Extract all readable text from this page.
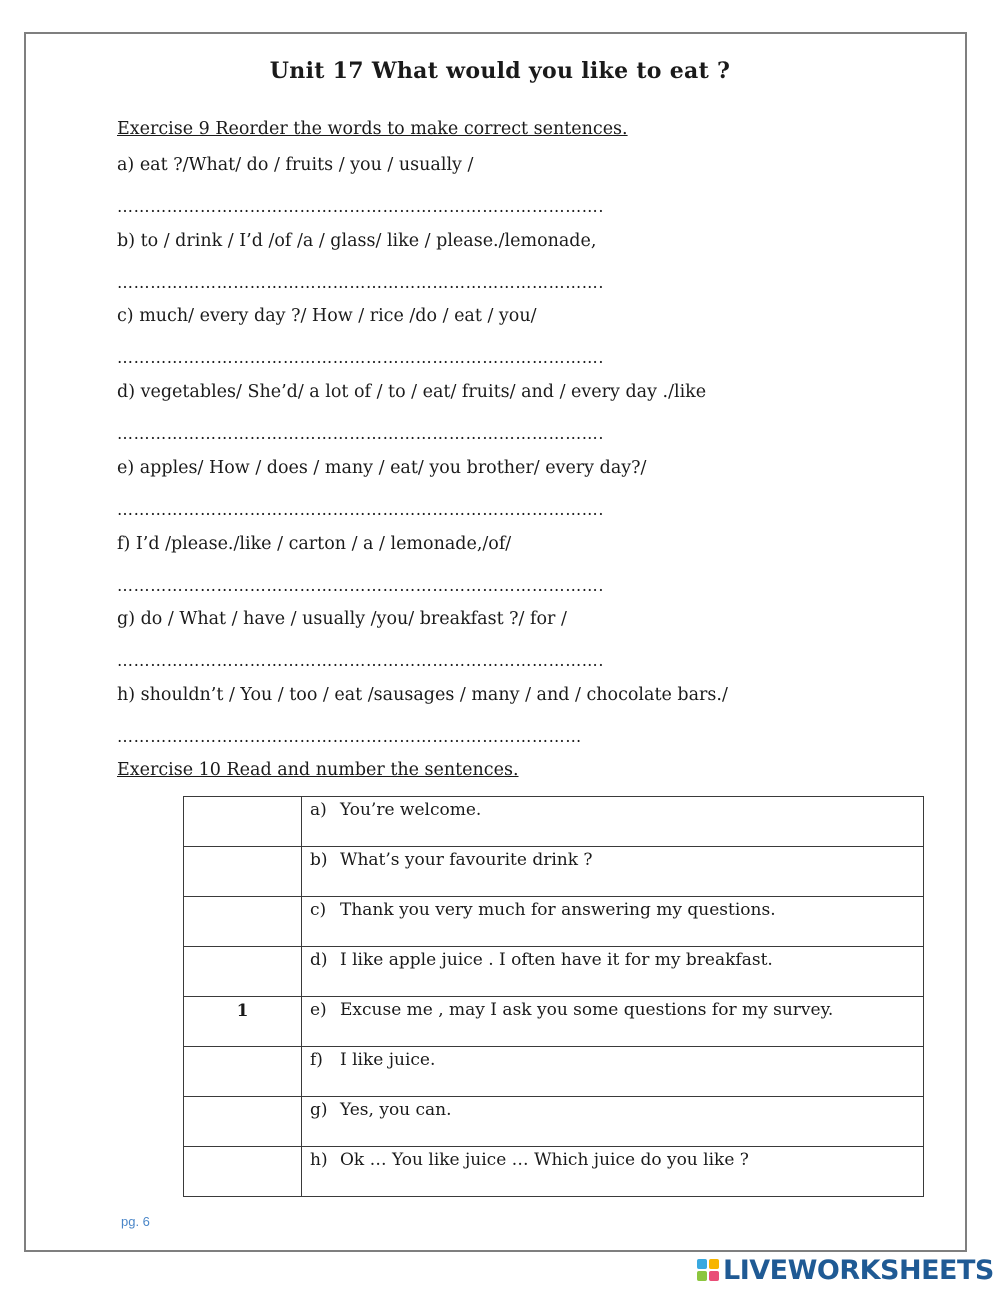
Unit 17 What would you like to eat ?
Exercise 9 Reorder the words to make correct sentences.
a) eat ?/What/ do / fruits / you / usually /
…………………………………………………………………………….
b) to / drink / I’d /of /a / glass/ like / please./lemonade,
…………………………………………………………………………….
c) much/ every day ?/ How / rice /do / eat / you/
…………………………………………………………………………….
d) vegetables/ She’d/ a lot of / to / eat/ fruits/ and / every day ./like
…………………………………………………………………………….
e) apples/ How / does / many / eat/ you brother/ every day?/
…………………………………………………………………………….
f) I’d /please./like / carton / a / lemonade,/of/
…………………………………………………………………………….
g) do / What / have / usually /you/ breakfast ?/ for /
…………………………………………………………………………….
h) shouldn’t / You / too / eat /sausages / many / and / chocolate bars./
…………………………………………………………………………
Exercise 10 Read and number the sentences.
	a) You’re welcome.
	b) What’s your favourite drink ?
	c) Thank you very much for answering my questions.
	d) I like apple juice . I often have it for my breakfast.
1	e) Excuse me , may I ask you some questions for my survey.
	f) I like juice.
	g) Yes, you can.
	h) Ok … You like juice … Which juice do you like ?
pg. 6
LIVEWORKSHEETS
